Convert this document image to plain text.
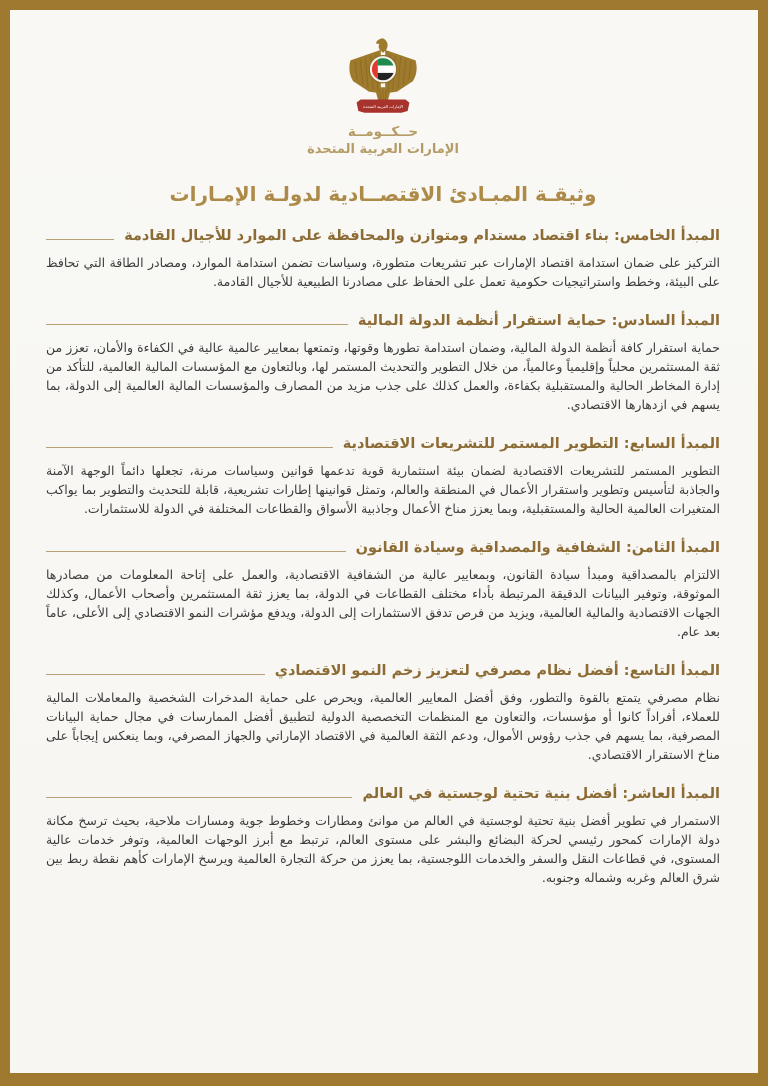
الإمارات العربية المتحدة
حــكــومــة
الإمارات العربية المتحدة
وثيقـة المبـادئ الاقتصــادية لدولـة الإمـارات
المبدأ الخامس: بناء اقتصاد مستدام ومتوازن والمحافظة على الموارد للأجيال القادمة

التركيز على ضمان استدامة اقتصاد الإمارات عبر تشريعات متطورة، وسياسات تضمن استدامة الموارد، ومصادر الطاقة التي تحافظ على البيئة، وخطط واستراتيجيات حكومية تعمل على الحفاظ على مصادرنا الطبيعية للأجيال القادمة.

المبدأ السادس: حماية استقرار أنظمة الدولة المالية

حماية استقرار كافة أنظمة الدولة المالية، وضمان استدامة تطورها وقوتها، وتمتعها بمعايير عالمية عالية في الكفاءة والأمان، تعزز من ثقة المستثمرين محلياً وإقليمياً وعالمياً، من خلال التطوير والتحديث المستمر لها، وبالتعاون مع المؤسسات المالية العالمية، للتأكد من إدارة المخاطر الحالية والمستقبلية بكفاءة، والعمل كذلك على جذب مزيد من المصارف والمؤسسات المالية العالمية إلى الدولة، بما يسهم في ازدهارها الاقتصادي.

المبدأ السابع: التطوير المستمر للتشريعات الاقتصادية

التطوير المستمر للتشريعات الاقتصادية لضمان بيئة استثمارية قوية تدعمها قوانين وسياسات مرنة، تجعلها دائماً الوجهة الآمنة والجاذبة لتأسيس وتطوير واستقرار الأعمال في المنطقة والعالم، وتمثل قوانينها إطارات تشريعية، قابلة للتحديث والتطوير بما يواكب المتغيرات العالمية الحالية والمستقبلية، وبما يعزز مناخ الأعمال وجاذبية الأسواق والقطاعات المختلفة في الدولة للاستثمارات.

المبدأ الثامن: الشفافية والمصداقية وسيادة القانون

الالتزام بالمصداقية ومبدأ سيادة القانون، وبمعايير عالية من الشفافية الاقتصادية، والعمل على إتاحة المعلومات من مصادرها الموثوقة، وتوفير البيانات الدقيقة المرتبطة بأداء مختلف القطاعات في الدولة، بما يعزز ثقة المستثمرين وأصحاب الأعمال، وكذلك الجهات الاقتصادية والمالية العالمية، ويزيد من فرص تدفق الاستثمارات إلى الدولة، ويدفع مؤشرات النمو الاقتصادي إلى الأعلى، عاماً بعد عام.

المبدأ التاسع: أفضل نظام مصرفي لتعزيز زخم النمو الاقتصادي

نظام مصرفي يتمتع بالقوة والتطور، وفق أفضل المعايير العالمية، ويحرص على حماية المدخرات الشخصية والمعاملات المالية للعملاء، أفراداً كانوا أو مؤسسات، والتعاون مع المنظمات التخصصية الدولية لتطبيق أفضل الممارسات في مجال حماية البيانات المصرفية، بما يسهم في جذب رؤوس الأموال، ودعم الثقة العالمية في الاقتصاد الإماراتي والجهاز المصرفي، وبما ينعكس إيجاباً على مناخ الاستقرار الاقتصادي.

المبدأ العاشر: أفضل بنية تحتية لوجستية في العالم

الاستمرار في تطوير أفضل بنية تحتية لوجستية في العالم من موانئ ومطارات وخطوط جوية ومسارات ملاحية، بحيث ترسخ مكانة دولة الإمارات كمحور رئيسي لحركة البضائع والبشر على مستوى العالم، ترتبط مع أبرز الوجهات العالمية، وتوفر خدمات عالية المستوى، في قطاعات النقل والسفر والخدمات اللوجستية، بما يعزز من حركة التجارة العالمية ويرسخ الإمارات كأهم نقطة ربط بين شرق العالم وغربه وشماله وجنوبه.
